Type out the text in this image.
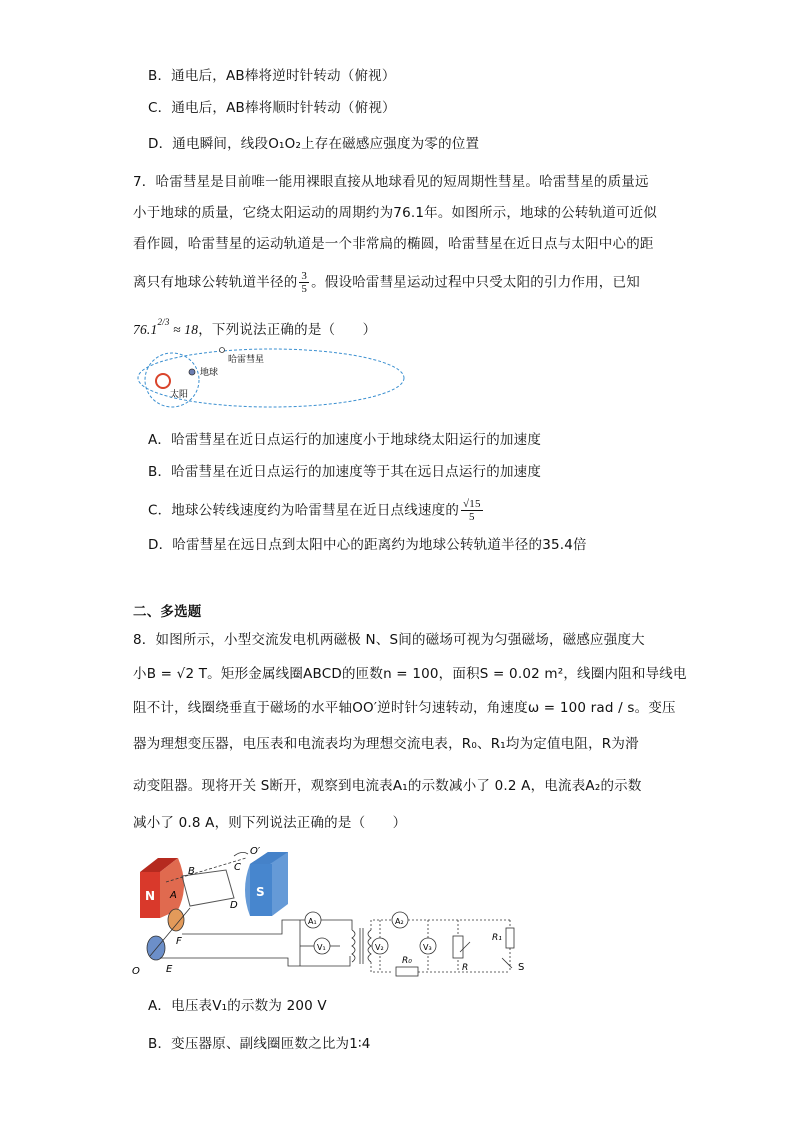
B．通电后，AB棒将逆时针转动（俯视）
C．通电后，AB棒将顺时针转动（俯视）
D．通电瞬间，线段O₁O₂上存在磁感应强度为零的位置
7．哈雷彗星是目前唯一能用裸眼直接从地球看见的短周期性彗星。哈雷彗星的质量远
小于地球的质量，它绕太阳运动的周期约为76.1年。如图所示，地球的公转轨道可近似
看作圆，哈雷彗星的运动轨道是一个非常扁的椭圆，哈雷彗星在近日点与太阳中心的距
离只有地球公转轨道半径的 $\frac{3}{5}$ 。假设哈雷彗星运动过程中只受太阳的引力作用，已知
$76.1^{2/3} \approx 18$，下列说法正确的是（　　）
哈雷彗星
地球
太阳
A．哈雷彗星在近日点运行的加速度小于地球绕太阳运行的加速度
B．哈雷彗星在近日点运行的加速度等于其在远日点运行的加速度
C．地球公转线速度约为哈雷彗星在近日点线速度的 $\frac{√15}{5}$
D．哈雷彗星在远日点到太阳中心的距离约为地球公转轨道半径的35.4倍
二、多选题
8．如图所示，小型交流发电机两磁极 N、S间的磁场可视为匀强磁场，磁感应强度大
小B = √2 T。矩形金属线圈ABCD的匝数n = 100，面积S = 0.02 m²，线圈内阻和导线电
阻不计，线圈绕垂直于磁场的水平轴OO′逆时针匀速转动，角速度ω = 100 rad / s。变压
器为理想变压器，电压表和电流表均为理想交流电表，R₀、R₁均为定值电阻，R为滑
动变阻器。现将开关 S断开，观察到电流表A₁的示数减小了 0.2 A，电流表A₂的示数
减小了 0.8 A，则下列说法正确的是（　　）
N	S
B
A
C
D
O′
F
E
O
A₁
V₁
A₂
R₀
V₂	V₃
R
R₁
S
A．电压表V₁的示数为 200 V
B．变压器原、副线圈匝数之比为1∶4
